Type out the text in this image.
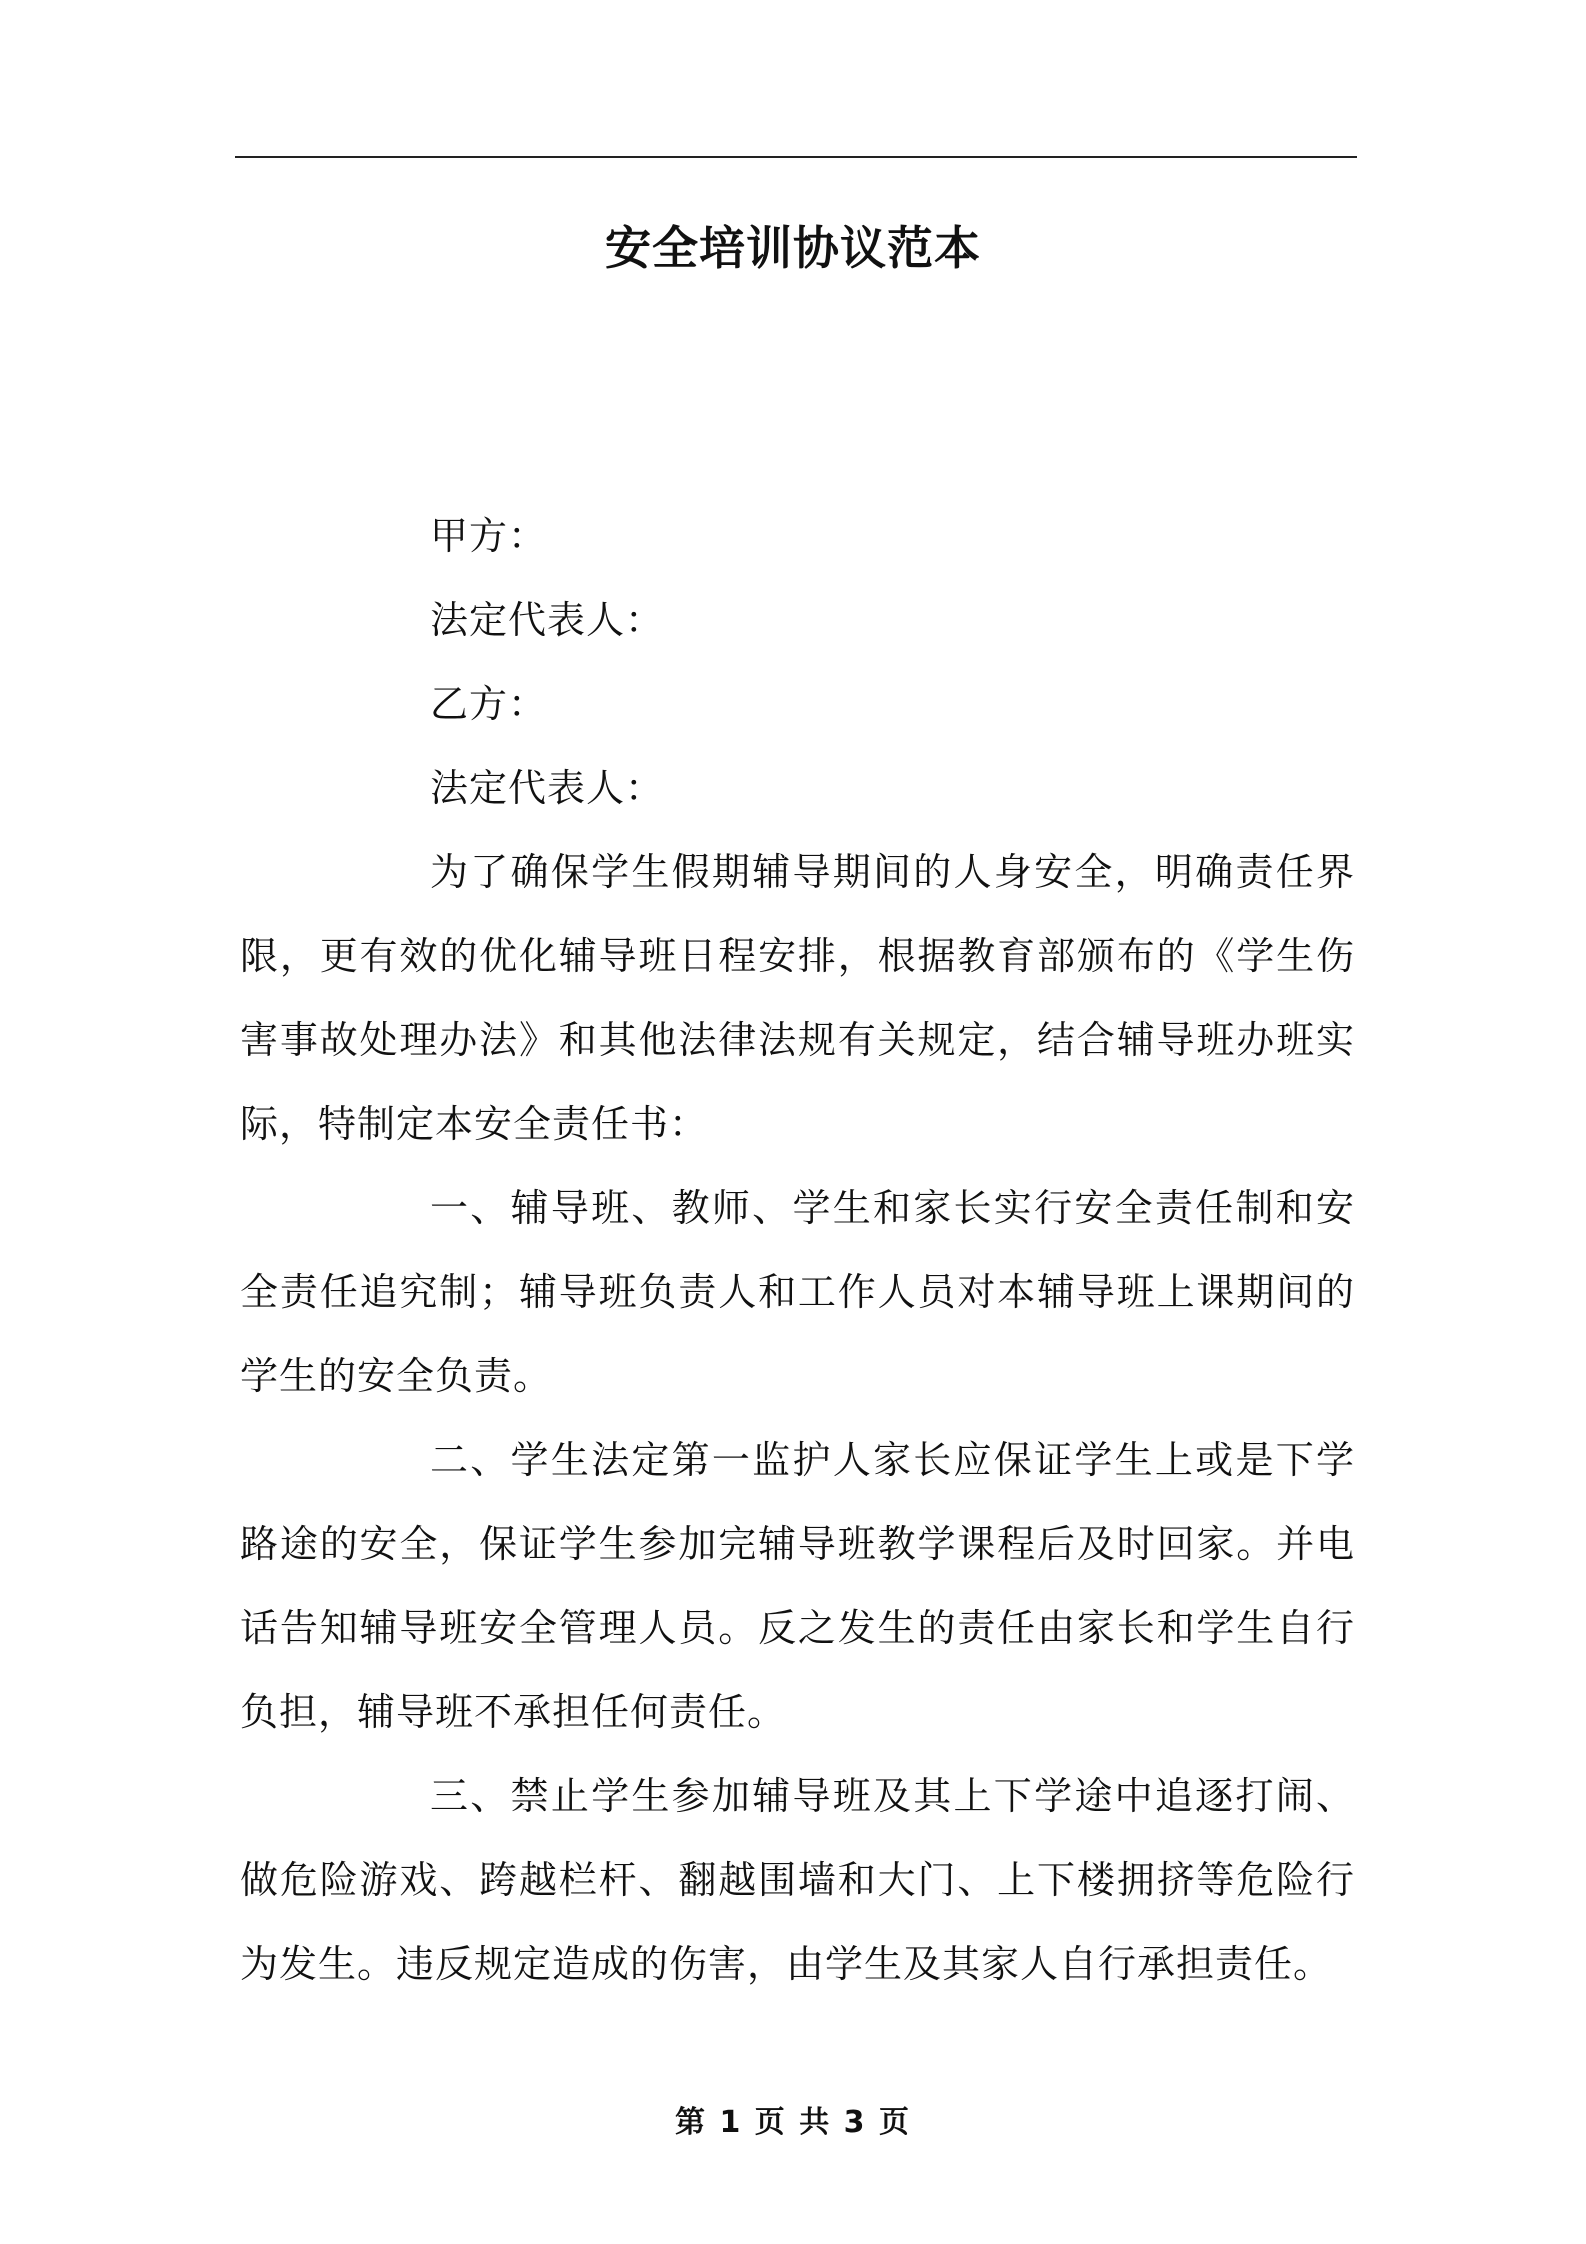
安全培训协议范本

甲方：

法定代表人：

乙方：

法定代表人：

为了确保学生假期辅导期间的人身安全，明确责任界限，更有效的优化辅导班日程安排，根据教育部颁布的《学生伤害事故处理办法》和其他法律法规有关规定，结合辅导班办班实际，特制定本安全责任书：

一、辅导班、教师、学生和家长实行安全责任制和安全责任追究制；辅导班负责人和工作人员对本辅导班上课期间的学生的安全负责。

二、学生法定第一监护人家长应保证学生上或是下学路途的安全，保证学生参加完辅导班教学课程后及时回家。并电话告知辅导班安全管理人员。反之发生的责任由家长和学生自行负担，辅导班不承担任何责任。

三、禁止学生参加辅导班及其上下学途中追逐打闹、做危险游戏、跨越栏杆、翻越围墙和大门、上下楼拥挤等危险行为发生。违反规定造成的伤害，由学生及其家人自行承担责任。

第 1 页 共 3 页
